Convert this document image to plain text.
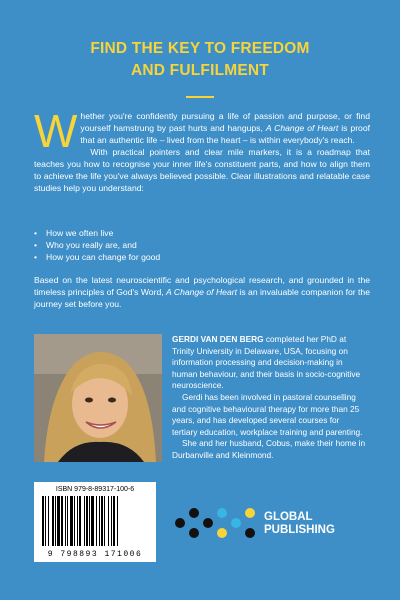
FIND THE KEY TO FREEDOM
AND FULFILMENT

Whether you're confidently pursuing a life of passion and purpose, or find yourself hamstrung by past hurts and hangups, A Change of Heart is proof that an authentic life – lived from the heart – is within everybody's reach.

With practical pointers and clear mile markers, it is a roadmap that teaches you how to recognise your inner life's constituent parts, and how to align them to achieve the life you've always believed possible. Clear illustrations and relatable case studies help you understand:

• How we often live
• Who you really are, and
• How you can change for good

Based on the latest neuroscientific and psychological research, and grounded in the timeless principles of God's Word, A Change of Heart is an invaluable companion for the journey set before you.

GERDI VAN DEN BERG completed her PhD at Trinity University in Delaware, USA, focusing on information processing and decision-making in human behaviour, and their basis in socio-cognitive neuroscience.

Gerdi has been involved in pastoral counselling and cognitive behavioural therapy for more than 25 years, and has developed several courses for tertiary education, workplace training and parenting.

She and her husband, Cobus, make their home in Durbanville and Kleinmond.

ISBN 979-8-89317-100-6
9 798893 171006
GLOBAL
PUBLISHING
